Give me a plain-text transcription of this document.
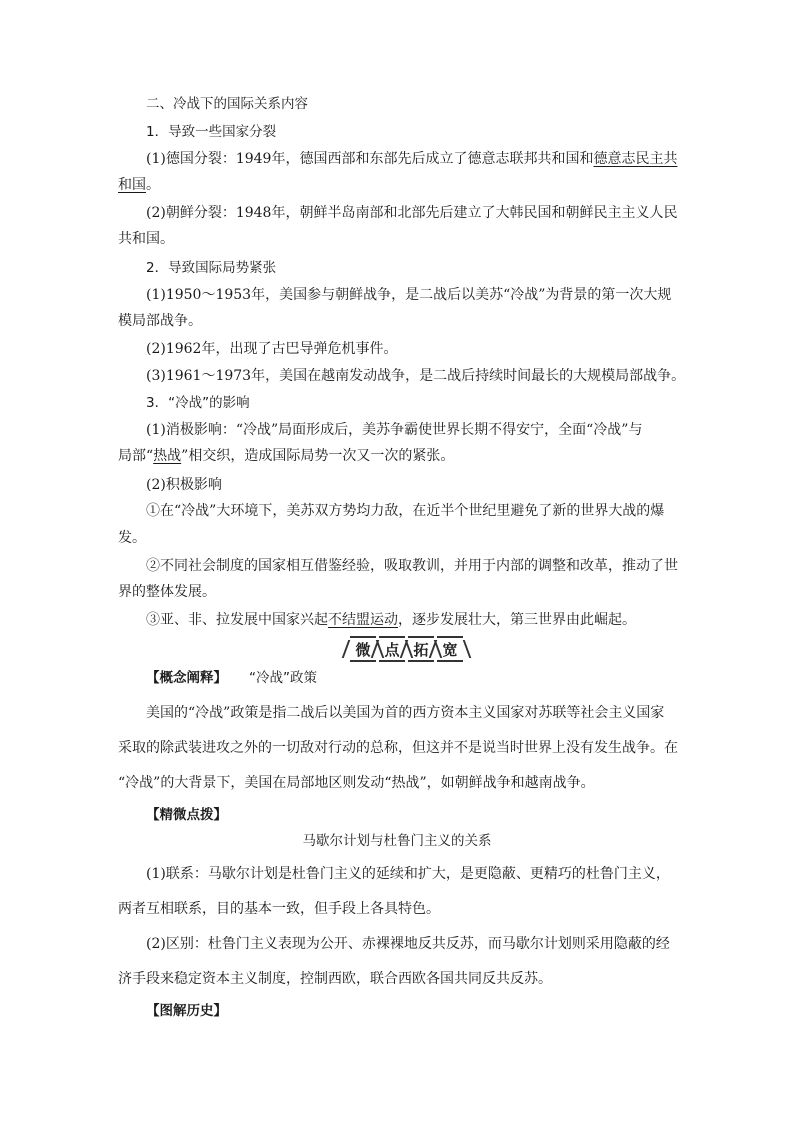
二、冷战下的国际关系内容
1．导致一些国家分裂
(1)德国分裂：1949年，德国西部和东部先后成立了德意志联邦共和国和德意志民主共
和国。
(2)朝鲜分裂：1948年，朝鲜半岛南部和北部先后建立了大韩民国和朝鲜民主主义人民
共和国。
2．导致国际局势紧张
(1)1950～1953年，美国参与朝鲜战争，是二战后以美苏“冷战”为背景的第一次大规
模局部战争。
(2)1962年，出现了古巴导弹危机事件。
(3)1961～1973年，美国在越南发动战争，是二战后持续时间最长的大规模局部战争。
3．“冷战”的影响
(1)消极影响：“冷战”局面形成后，美苏争霸使世界长期不得安宁，全面“冷战”与
局部“热战”相交织，造成国际局势一次又一次的紧张。
(2)积极影响
①在“冷战”大环境下，美苏双方势均力敌，在近半个世纪里避免了新的世界大战的爆
发。
②不同社会制度的国家相互借鉴经验，吸取教训，并用于内部的调整和改革，推动了世
界的整体发展。
③亚、非、拉发展中国家兴起不结盟运动，逐步发展壮大，第三世界由此崛起。
微 点 拓 宽
【概念阐释】 “冷战”政策
美国的“冷战”政策是指二战后以美国为首的西方资本主义国家对苏联等社会主义国家
采取的除武装进攻之外的一切敌对行动的总称，但这并不是说当时世界上没有发生战争。在
“冷战”的大背景下，美国在局部地区则发动“热战”，如朝鲜战争和越南战争。
【精微点拨】
马歇尔计划与杜鲁门主义的关系
(1)联系：马歇尔计划是杜鲁门主义的延续和扩大，是更隐蔽、更精巧的杜鲁门主义，
两者互相联系，目的基本一致，但手段上各具特色。
(2)区别：杜鲁门主义表现为公开、赤裸裸地反共反苏，而马歇尔计划则采用隐蔽的经
济手段来稳定资本主义制度，控制西欧，联合西欧各国共同反共反苏。
【图解历史】
